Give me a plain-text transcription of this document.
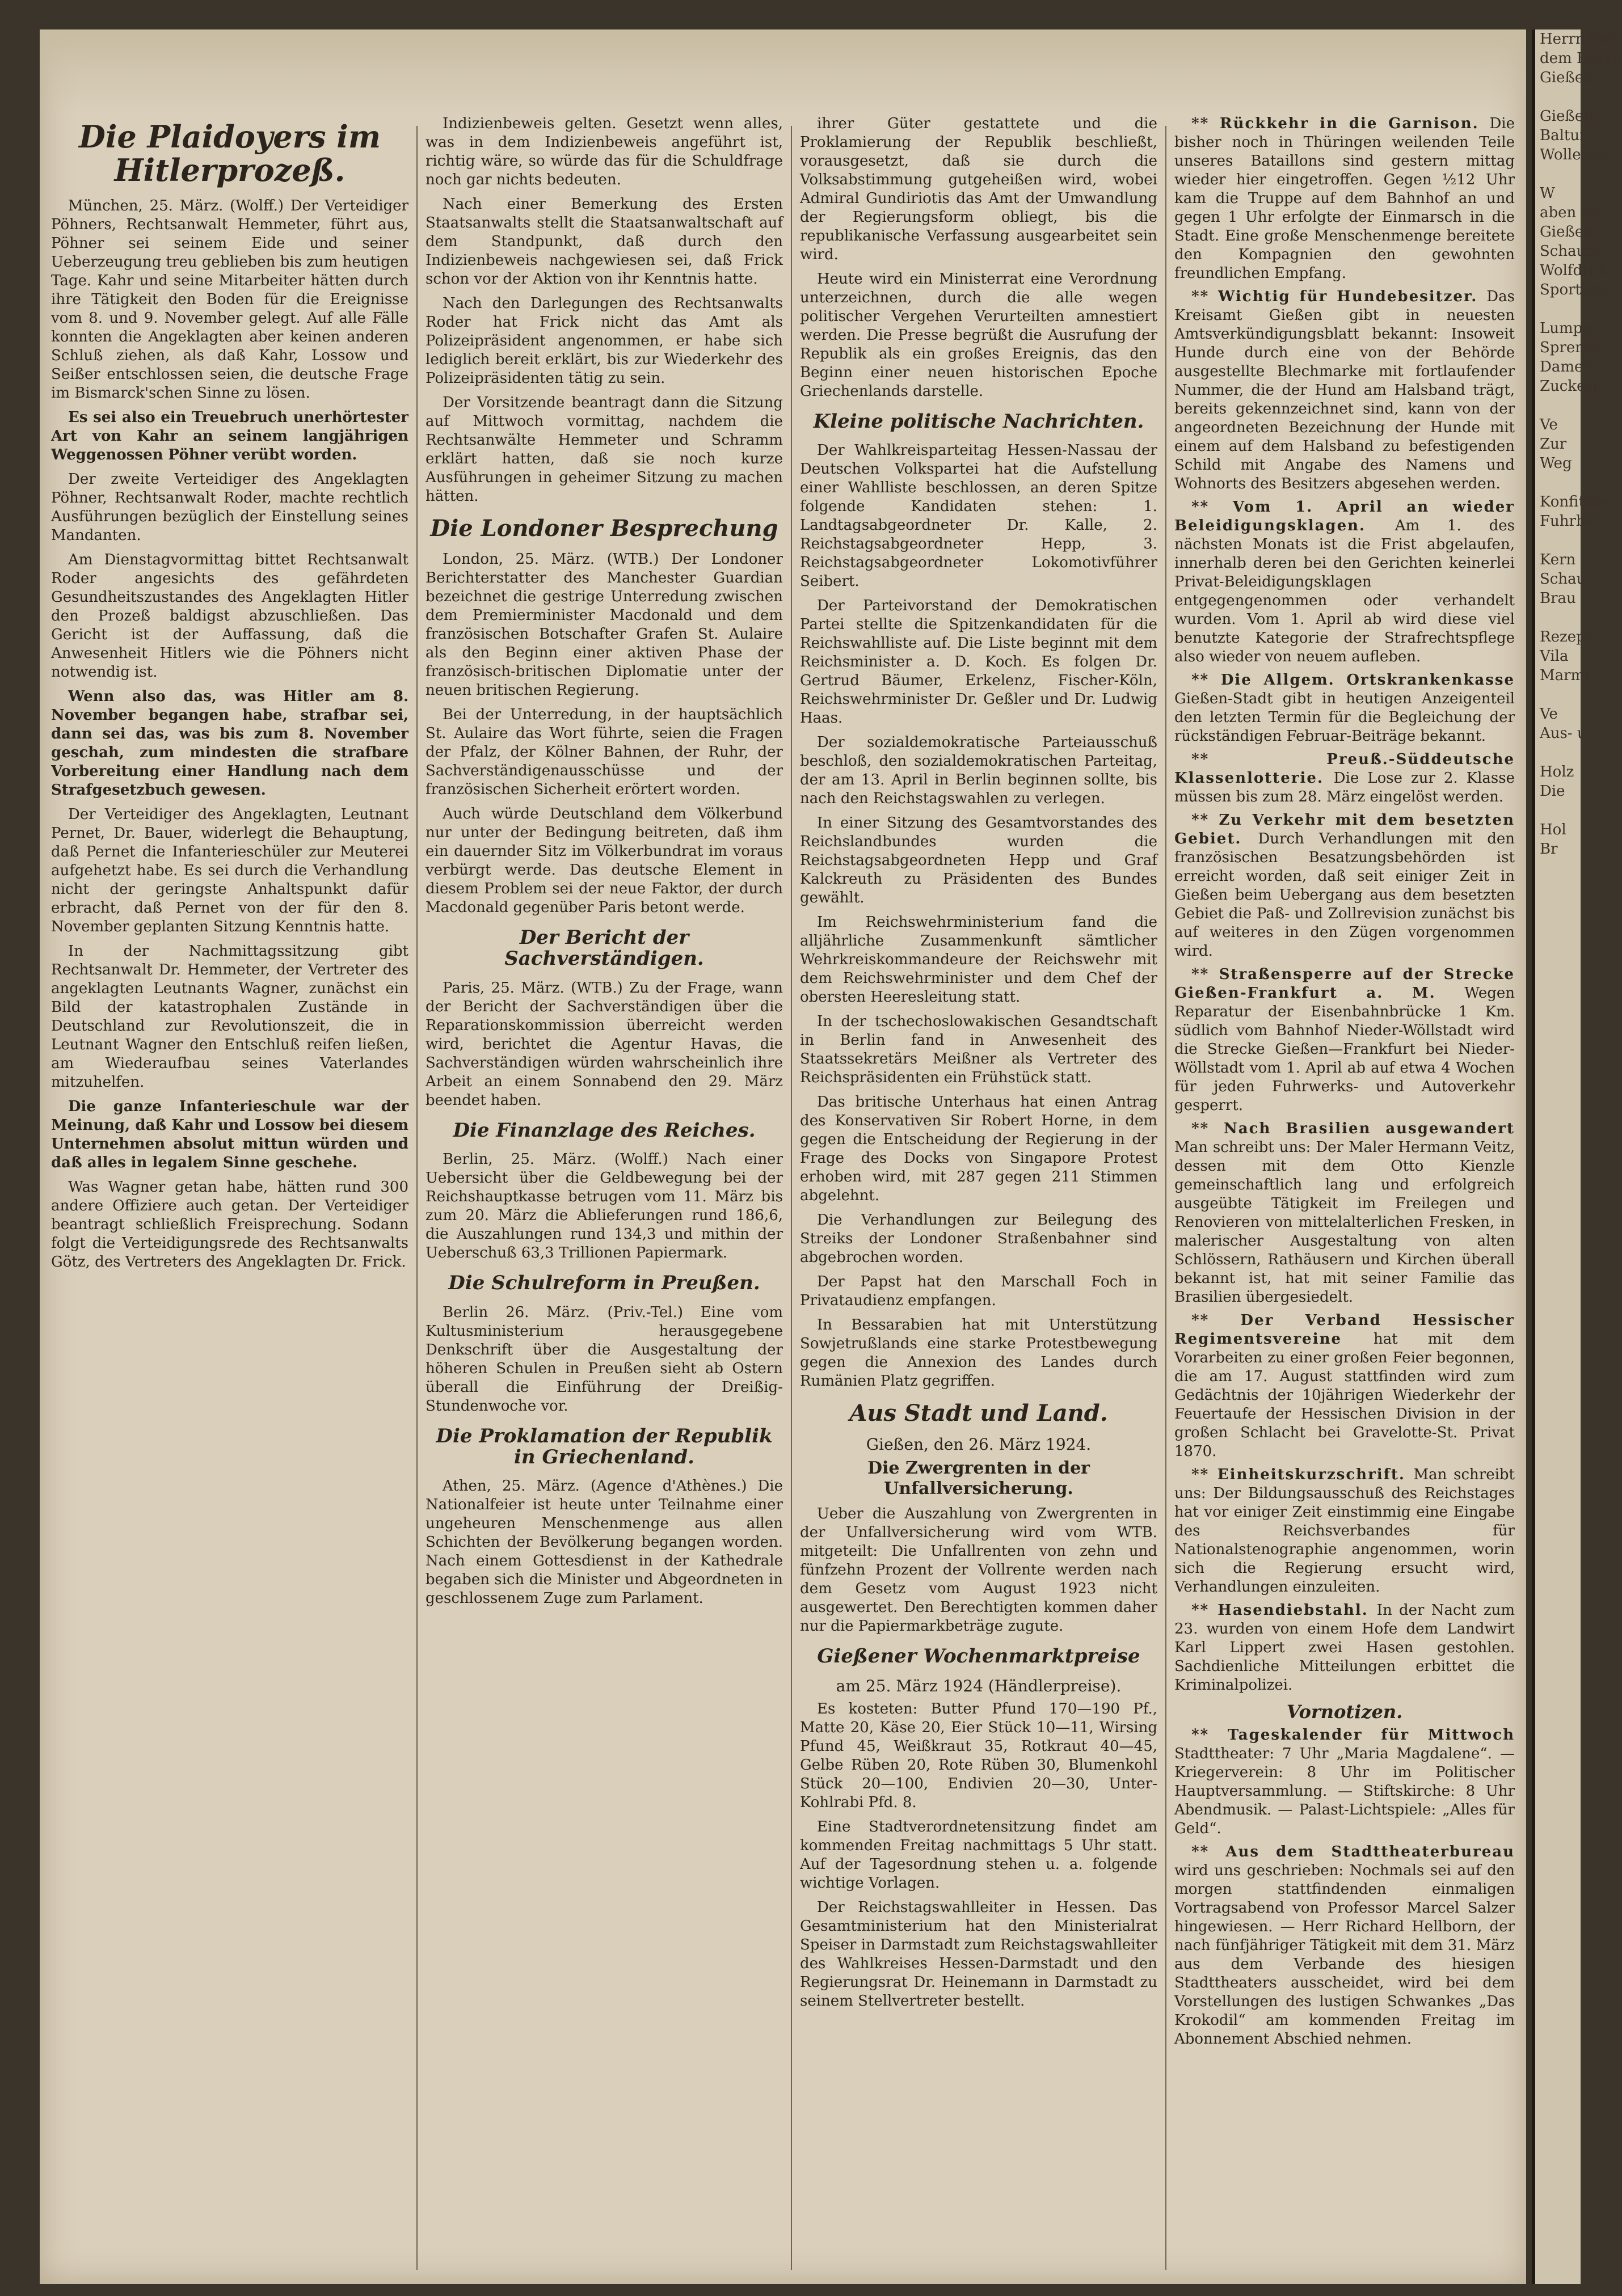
Die Plaidoyers im Hitlerprozeß.

München, 25. März. (Wolff.) Der Verteidiger Pöhners, Rechtsanwalt Hemmeter, führt aus, Pöhner sei seinem Eide und seiner Ueberzeugung treu geblieben bis zum heutigen Tage. Kahr und seine Mitarbeiter hätten durch ihre Tätigkeit den Boden für die Ereignisse vom 8. und 9. November gelegt. Auf alle Fälle konnten die Angeklagten aber keinen anderen Schluß ziehen, als daß Kahr, Lossow und Seißer entschlossen seien, die deutsche Frage im Bismarck'schen Sinne zu lösen.

Es sei also ein Treuebruch unerhörtester Art von Kahr an seinem langjährigen Weggenossen Pöhner verübt worden.

Der zweite Verteidiger des Angeklagten Pöhner, Rechtsanwalt Roder, machte rechtlich Ausführungen bezüglich der Einstellung seines Mandanten.

Am Dienstagvormittag bittet Rechtsanwalt Roder angesichts des gefährdeten Gesundheitszustandes des Angeklagten Hitler den Prozeß baldigst abzuschließen. Das Gericht ist der Auffassung, daß die Anwesenheit Hitlers wie die Pöhners nicht notwendig ist.

Wenn also das, was Hitler am 8. November begangen habe, strafbar sei, dann sei das, was bis zum 8. November geschah, zum mindesten die strafbare Vorbereitung einer Handlung nach dem Strafgesetzbuch gewesen.

Der Verteidiger des Angeklagten, Leutnant Pernet, Dr. Bauer, widerlegt die Behauptung, daß Pernet die Infanterieschüler zur Meuterei aufgehetzt habe. Es sei durch die Verhandlung nicht der geringste Anhaltspunkt dafür erbracht, daß Pernet von der für den 8. November geplanten Sitzung Kenntnis hatte.

In der Nachmittagssitzung gibt Rechtsanwalt Dr. Hemmeter, der Vertreter des angeklagten Leutnants Wagner, zunächst ein Bild der katastrophalen Zustände in Deutschland zur Revolutionszeit, die in Leutnant Wagner den Entschluß reifen ließen, am Wiederaufbau seines Vaterlandes mitzuhelfen.

Die ganze Infanterieschule war der Meinung, daß Kahr und Lossow bei diesem Unternehmen absolut mittun würden und daß alles in legalem Sinne geschehe.

Was Wagner getan habe, hätten rund 300 andere Offiziere auch getan. Der Verteidiger beantragt schließlich Freisprechung. Sodann folgt die Verteidigungsrede des Rechtsanwalts Götz, des Vertreters des Angeklagten Dr. Frick.

Indizienbeweis gelten. Gesetzt wenn alles, was in dem Indizienbeweis angeführt ist, richtig wäre, so würde das für die Schuldfrage noch gar nichts bedeuten.

Nach einer Bemerkung des Ersten Staatsanwalts stellt die Staatsanwaltschaft auf dem Standpunkt, daß durch den Indizienbeweis nachgewiesen sei, daß Frick schon vor der Aktion von ihr Kenntnis hatte.

Nach den Darlegungen des Rechtsanwalts Roder hat Frick nicht das Amt als Polizeipräsident angenommen, er habe sich lediglich bereit erklärt, bis zur Wiederkehr des Polizeipräsidenten tätig zu sein.

Der Vorsitzende beantragt dann die Sitzung auf Mittwoch vormittag, nachdem die Rechtsanwälte Hemmeter und Schramm erklärt hatten, daß sie noch kurze Ausführungen in geheimer Sitzung zu machen hätten.

Die Londoner Besprechung

London, 25. März. (WTB.) Der Londoner Berichterstatter des Manchester Guardian bezeichnet die gestrige Unterredung zwischen dem Premierminister Macdonald und dem französischen Botschafter Grafen St. Aulaire als den Beginn einer aktiven Phase der französisch-britischen Diplomatie unter der neuen britischen Regierung.

Bei der Unterredung, in der hauptsächlich St. Aulaire das Wort führte, seien die Fragen der Pfalz, der Kölner Bahnen, der Ruhr, der Sachverständigenausschüsse und der französischen Sicherheit erörtert worden.

Auch würde Deutschland dem Völkerbund nur unter der Bedingung beitreten, daß ihm ein dauernder Sitz im Völkerbundrat im voraus verbürgt werde. Das deutsche Element in diesem Problem sei der neue Faktor, der durch Macdonald gegenüber Paris betont werde.

Der Bericht der Sachverständigen.

Paris, 25. März. (WTB.) Zu der Frage, wann der Bericht der Sachverständigen über die Reparationskommission überreicht werden wird, berichtet die Agentur Havas, die Sachverständigen würden wahrscheinlich ihre Arbeit an einem Sonnabend den 29. März beendet haben.

Die Finanzlage des Reiches.

Berlin, 25. März. (Wolff.) Nach einer Uebersicht über die Geldbewegung bei der Reichshauptkasse betrugen vom 11. März bis zum 20. März die Ablieferungen rund 186,6, die Auszahlungen rund 134,3 und mithin der Ueberschuß 63,3 Trillionen Papiermark.

Die Schulreform in Preußen.

Berlin 26. März. (Priv.-Tel.) Eine vom Kultusministerium herausgegebene Denkschrift über die Ausgestaltung der höheren Schulen in Preußen sieht ab Ostern überall die Einführung der Dreißig-Stundenwoche vor.

Die Proklamation der Republik in Griechenland.

Athen, 25. März. (Agence d'Athènes.) Die Nationalfeier ist heute unter Teilnahme einer ungeheuren Menschenmenge aus allen Schichten der Bevölkerung begangen worden. Nach einem Gottesdienst in der Kathedrale begaben sich die Minister und Abgeordneten in geschlossenem Zuge zum Parlament.

ihrer Güter gestattete und die Proklamierung der Republik beschließt, vorausgesetzt, daß sie durch die Volksabstimmung gutgeheißen wird, wobei Admiral Gundiriotis das Amt der Umwandlung der Regierungsform obliegt, bis die republikanische Verfassung ausgearbeitet sein wird.

Heute wird ein Ministerrat eine Verordnung unterzeichnen, durch die alle wegen politischer Vergehen Verurteilten amnestiert werden. Die Presse begrüßt die Ausrufung der Republik als ein großes Ereignis, das den Beginn einer neuen historischen Epoche Griechenlands darstelle.

Kleine politische Nachrichten.

Der Wahlkreisparteitag Hessen-Nassau der Deutschen Volkspartei hat die Aufstellung einer Wahlliste beschlossen, an deren Spitze folgende Kandidaten stehen: 1. Landtagsabgeordneter Dr. Kalle, 2. Reichstagsabgeordneter Hepp, 3. Reichstagsabgeordneter Lokomotivführer Seibert.

Der Parteivorstand der Demokratischen Partei stellte die Spitzenkandidaten für die Reichswahlliste auf. Die Liste beginnt mit dem Reichsminister a. D. Koch. Es folgen Dr. Gertrud Bäumer, Erkelenz, Fischer-Köln, Reichswehrminister Dr. Geßler und Dr. Ludwig Haas.

Der sozialdemokratische Parteiausschuß beschloß, den sozialdemokratischen Parteitag, der am 13. April in Berlin beginnen sollte, bis nach den Reichstagswahlen zu verlegen.

In einer Sitzung des Gesamtvorstandes des Reichslandbundes wurden die Reichstagsabgeordneten Hepp und Graf Kalckreuth zu Präsidenten des Bundes gewählt.

Im Reichswehrministerium fand die alljährliche Zusammenkunft sämtlicher Wehrkreiskommandeure der Reichswehr mit dem Reichswehrminister und dem Chef der obersten Heeresleitung statt.

In der tschechoslowakischen Gesandtschaft in Berlin fand in Anwesenheit des Staatssekretärs Meißner als Vertreter des Reichspräsidenten ein Frühstück statt.

Das britische Unterhaus hat einen Antrag des Konservativen Sir Robert Horne, in dem gegen die Entscheidung der Regierung in der Frage des Docks von Singapore Protest erhoben wird, mit 287 gegen 211 Stimmen abgelehnt.

Die Verhandlungen zur Beilegung des Streiks der Londoner Straßenbahner sind abgebrochen worden.

Der Papst hat den Marschall Foch in Privataudienz empfangen.

In Bessarabien hat mit Unterstützung Sowjetrußlands eine starke Protestbewegung gegen die Annexion des Landes durch Rumänien Platz gegriffen.

Aus Stadt und Land.
Gießen, den 26. März 1924.
Die Zwergrenten in der Unfallversicherung.

Ueber die Auszahlung von Zwergrenten in der Unfallversicherung wird vom WTB. mitgeteilt: Die Unfallrenten von zehn und fünfzehn Prozent der Vollrente werden nach dem Gesetz vom August 1923 nicht ausgewertet. Den Berechtigten kommen daher nur die Papiermarkbeträge zugute.

Gießener Wochenmarktpreise
am 25. März 1924 (Händlerpreise).

Es kosteten: Butter Pfund 170—190 Pf., Matte 20, Käse 20, Eier Stück 10—11, Wirsing Pfund 45, Weißkraut 35, Rotkraut 40—45, Gelbe Rüben 20, Rote Rüben 30, Blumenkohl Stück 20—100, Endivien 20—30, Unter-Kohlrabi Pfd. 8.

Eine Stadtverordnetensitzung findet am kommenden Freitag nachmittags 5 Uhr statt. Auf der Tagesordnung stehen u. a. folgende wichtige Vorlagen.

Der Reichstagswahlleiter in Hessen. Das Gesamtministerium hat den Ministerialrat Speiser in Darmstadt zum Reichstagswahlleiter des Wahlkreises Hessen-Darmstadt und den Regierungsrat Dr. Heinemann in Darmstadt zu seinem Stellvertreter bestellt.

** Rückkehr in die Garnison. Die bisher noch in Thüringen weilenden Teile unseres Bataillons sind gestern mittag wieder hier eingetroffen. Gegen ½12 Uhr kam die Truppe auf dem Bahnhof an und gegen 1 Uhr erfolgte der Einmarsch in die Stadt. Eine große Menschenmenge bereitete den Kompagnien den gewohnten freundlichen Empfang.

** Wichtig für Hundebesitzer. Das Kreisamt Gießen gibt in neuesten Amtsverkündigungsblatt bekannt: Insoweit Hunde durch eine von der Behörde ausgestellte Blechmarke mit fortlaufender Nummer, die der Hund am Halsband trägt, bereits gekennzeichnet sind, kann von der angeordneten Bezeichnung der Hunde mit einem auf dem Halsband zu befestigenden Schild mit Angabe des Namens und Wohnorts des Besitzers abgesehen werden.

** Vom 1. April an wieder Beleidigungsklagen. Am 1. des nächsten Monats ist die Frist abgelaufen, innerhalb deren bei den Gerichten keinerlei Privat-Beleidigungsklagen entgegengenommen oder verhandelt wurden. Vom 1. April ab wird diese viel benutzte Kategorie der Strafrechtspflege also wieder von neuem aufleben.

** Die Allgem. Ortskrankenkasse Gießen-Stadt gibt in heutigen Anzeigenteil den letzten Termin für die Begleichung der rückständigen Februar-Beiträge bekannt.

** Preuß.-Süddeutsche Klassenlotterie. Die Lose zur 2. Klasse müssen bis zum 28. März eingelöst werden.

** Zu Verkehr mit dem besetzten Gebiet. Durch Verhandlungen mit den französischen Besatzungsbehörden ist erreicht worden, daß seit einiger Zeit in Gießen beim Uebergang aus dem besetzten Gebiet die Paß- und Zollrevision zunächst bis auf weiteres in den Zügen vorgenommen wird.

** Straßensperre auf der Strecke Gießen-Frankfurt a. M. Wegen Reparatur der Eisenbahnbrücke 1 Km. südlich vom Bahnhof Nieder-Wöllstadt wird die Strecke Gießen—Frankfurt bei Nieder-Wöllstadt vom 1. April ab auf etwa 4 Wochen für jeden Fuhrwerks- und Autoverkehr gesperrt.

** Nach Brasilien ausgewandert Man schreibt uns: Der Maler Hermann Veitz, dessen mit dem Otto Kienzle gemeinschaftlich lang und erfolgreich ausgeübte Tätigkeit im Freilegen und Renovieren von mittelalterlichen Fresken, in malerischer Ausgestaltung von alten Schlössern, Rathäusern und Kirchen überall bekannt ist, hat mit seiner Familie das Brasilien übergesiedelt.

** Der Verband Hessischer Regimentsvereine hat mit dem Vorarbeiten zu einer großen Feier begonnen, die am 17. August stattfinden wird zum Gedächtnis der 10jährigen Wiederkehr der Feuertaufe der Hessischen Division in der großen Schlacht bei Gravelotte-St. Privat 1870.

** Einheitskurzschrift. Man schreibt uns: Der Bildungsausschuß des Reichstages hat vor einiger Zeit einstimmig eine Eingabe des Reichsverbandes für Nationalstenographie angenommen, worin sich die Regierung ersucht wird, Verhandlungen einzuleiten.

** Hasendiebstahl. In der Nacht zum 23. wurden von einem Hofe dem Landwirt Karl Lippert zwei Hasen gestohlen. Sachdienliche Mitteilungen erbittet die Kriminalpolizei.

Vornotizen.

** Tageskalender für Mittwoch Stadttheater: 7 Uhr „Maria Magdalene“. — Kriegerverein: 8 Uhr im Politischer Hauptversammlung. — Stiftskirche: 8 Uhr Abendmusik. — Palast-Lichtspiele: „Alles für Geld“.

** Aus dem Stadttheaterbureau wird uns geschrieben: Nochmals sei auf den morgen stattfindenden einmaligen Vortragsabend von Professor Marcel Salzer hingewiesen. — Herr Richard Hellborn, der nach fünfjähriger Tätigkeit mit dem 31. März aus dem Verbande des hiesigen Stadttheaters ausscheidet, wird bei dem Vorstellungen des lustigen Schwankes „Das Krokodil“ am kommenden Freitag im Abonnement Abschied nehmen.

Herrn Geb
dem Herrn
Gießen

Gießen
Baltun
Wollenzu

W
aben ke
Gießen,
Schaufe
Wolfdrah
Sportbes

Lumpe
Sprengs
Damen
Zuckerr

Ve
Zur
Weg

Konfitüre
Fuhrbe

Kern
Schau
Brau

Rezept
Vila
Marmi

Ve
Aus- u

Holz
Die

Hol
Br
